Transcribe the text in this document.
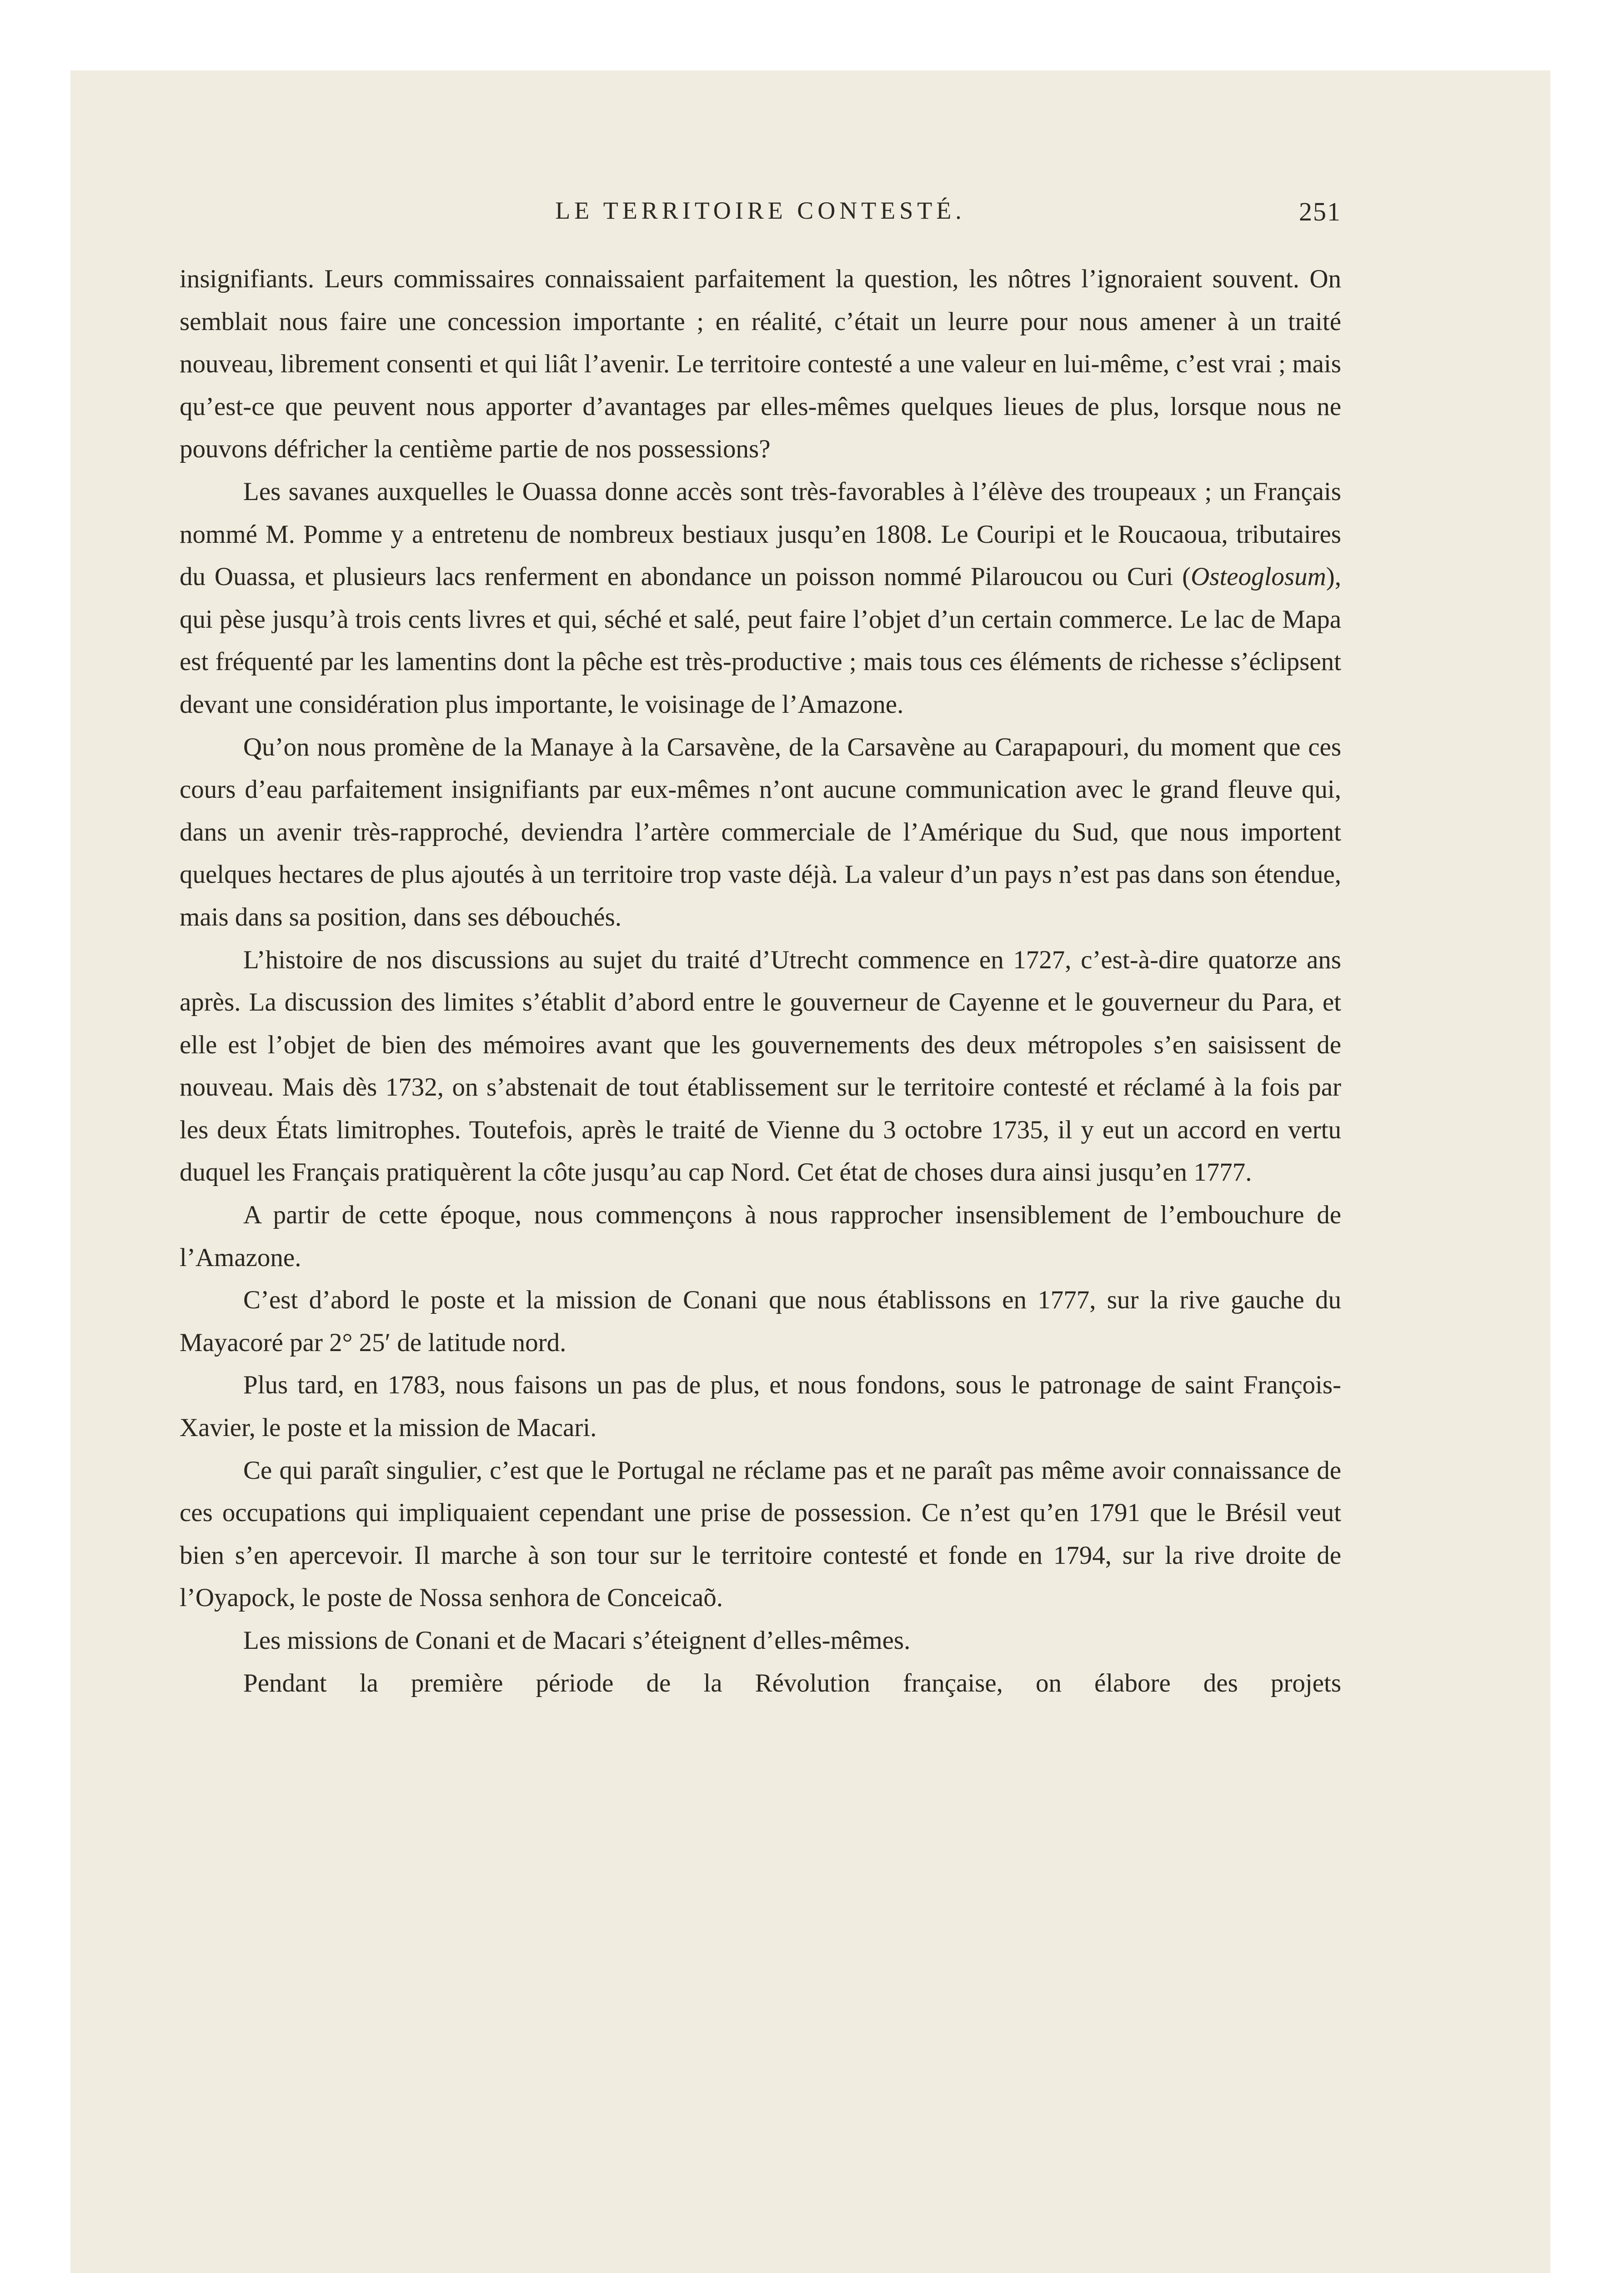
LE TERRITOIRE CONTESTÉ.	251

insignifiants. Leurs commissaires connaissaient parfaitement la question, les nôtres l’ignoraient souvent. On semblait nous faire une concession importante ; en réalité, c’était un leurre pour nous amener à un traité nouveau, librement consenti et qui liât l’avenir. Le territoire contesté a une valeur en lui-même, c’est vrai ; mais qu’est-ce que peuvent nous apporter d’avantages par elles-mêmes quelques lieues de plus, lorsque nous ne pouvons défricher la centième partie de nos possessions?

Les savanes auxquelles le Ouassa donne accès sont très-favorables à l’élève des troupeaux ; un Français nommé M. Pomme y a entretenu de nombreux bestiaux jusqu’en 1808. Le Couripi et le Roucaoua, tributaires du Ouassa, et plusieurs lacs renferment en abondance un poisson nommé Pilaroucou ou Curi (Osteoglosum), qui pèse jusqu’à trois cents livres et qui, séché et salé, peut faire l’objet d’un certain commerce. Le lac de Mapa est fréquenté par les lamentins dont la pêche est très-productive ; mais tous ces éléments de richesse s’éclipsent devant une considération plus importante, le voisinage de l’Amazone.

Qu’on nous promène de la Manaye à la Carsavène, de la Carsavène au Carapapouri, du moment que ces cours d’eau parfaitement insignifiants par eux-mêmes n’ont aucune communication avec le grand fleuve qui, dans un avenir très-rapproché, deviendra l’artère commerciale de l’Amérique du Sud, que nous importent quelques hectares de plus ajoutés à un territoire trop vaste déjà. La valeur d’un pays n’est pas dans son étendue, mais dans sa position, dans ses débouchés.

L’histoire de nos discussions au sujet du traité d’Utrecht commence en 1727, c’est-à-dire quatorze ans après. La discussion des limites s’établit d’abord entre le gouverneur de Cayenne et le gouverneur du Para, et elle est l’objet de bien des mémoires avant que les gouvernements des deux métropoles s’en saisissent de nouveau. Mais dès 1732, on s’abstenait de tout établissement sur le territoire contesté et réclamé à la fois par les deux États limitrophes. Toutefois, après le traité de Vienne du 3 octobre 1735, il y eut un accord en vertu duquel les Français pratiquèrent la côte jusqu’au cap Nord. Cet état de choses dura ainsi jusqu’en 1777.

A partir de cette époque, nous commençons à nous rapprocher insensiblement de l’embouchure de l’Amazone.

C’est d’abord le poste et la mission de Conani que nous établissons en 1777, sur la rive gauche du Mayacoré par 2° 25′ de latitude nord.

Plus tard, en 1783, nous faisons un pas de plus, et nous fondons, sous le patronage de saint François-Xavier, le poste et la mission de Macari.

Ce qui paraît singulier, c’est que le Portugal ne réclame pas et ne paraît pas même avoir connaissance de ces occupations qui impliquaient cependant une prise de possession. Ce n’est qu’en 1791 que le Brésil veut bien s’en apercevoir. Il marche à son tour sur le territoire contesté et fonde en 1794, sur la rive droite de l’Oyapock, le poste de Nossa senhora de Conceicaõ.

Les missions de Conani et de Macari s’éteignent d’elles-mêmes.

Pendant la première période de la Révolution française, on élabore des projets
